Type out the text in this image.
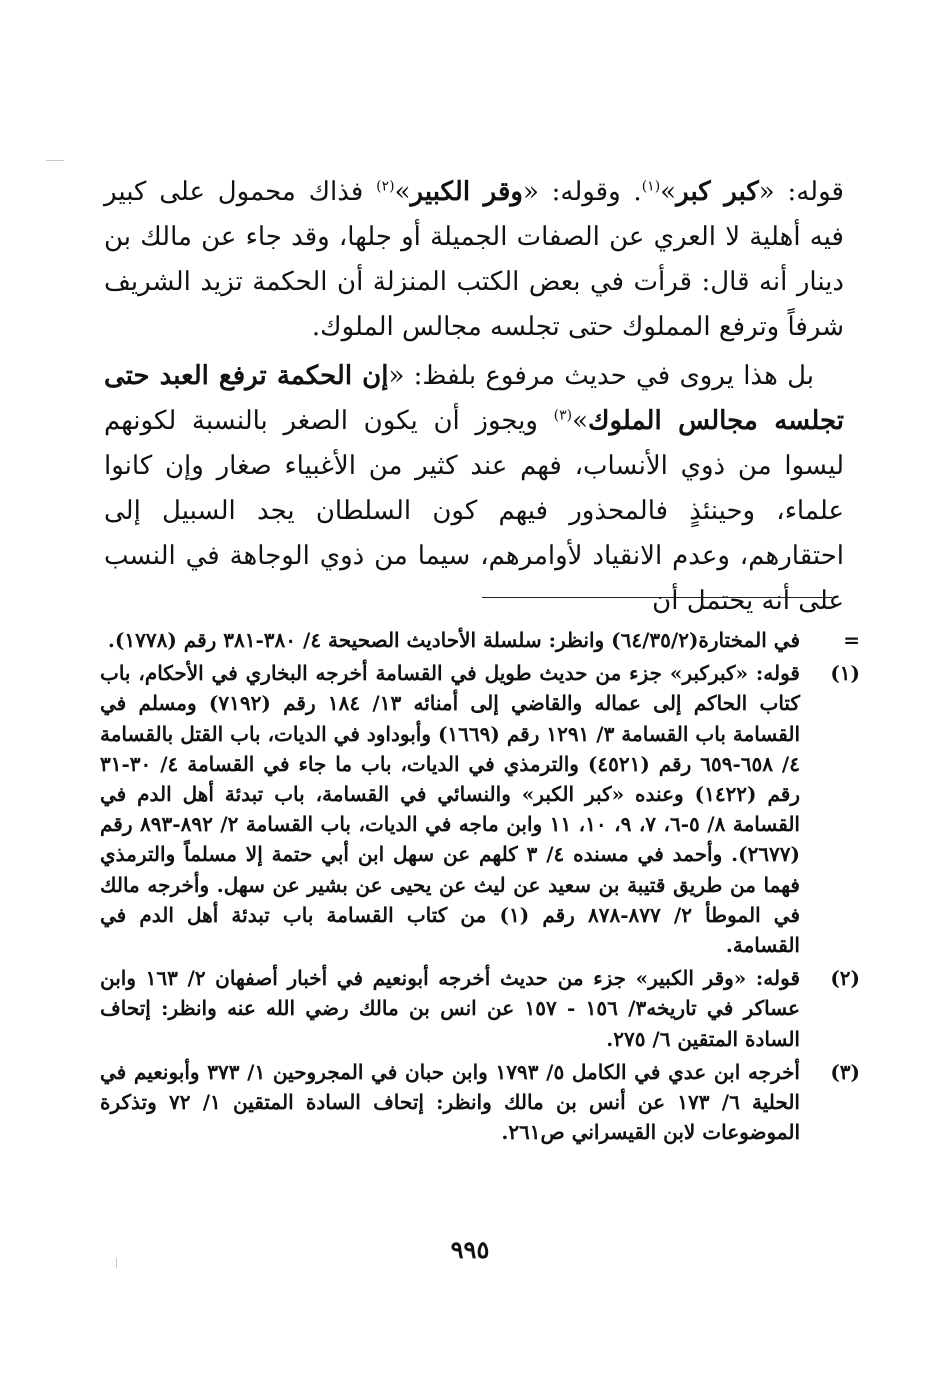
قوله: «كبر كبر»$^{(١)}$. وقوله: «وقر الكبير»$^{(٢)}$ فذاك محمول على كبير فيه أهلية لا العري عن الصفات الجميلة أو جلها، وقد جاء عن مالك بن دينار أنه قال: قرأت في بعض الكتب المنزلة أن الحكمة تزيد الشريف شرفاً وترفع المملوك حتى تجلسه مجالس الملوك.

بل هذا يروى في حديث مرفوع بلفظ: «إن الحكمة ترفع العبد حتى تجلسه مجالس الملوك»$^{(٣)}$ ويجوز أن يكون الصغر بالنسبة لكونهم ليسوا من ذوي الأنساب، فهم عند كثير من الأغبياء صغار وإن كانوا علماء، وحينئذٍ فالمحذور فيهم كون السلطان يجد السبيل إلى احتقارهم، وعدم الانقياد لأوامرهم، سيما من ذوي الوجاهة في النسب على أنه يحتمل أن

=
في المختارة(٦٤/٣٥/٢) وانظر: سلسلة الأحاديث الصحيحة ٤/ ٣٨٠-٣٨١ رقم (١٧٧٨).
(١)
قوله: «كبركبر» جزء من حديث طويل في القسامة أخرجه البخاري في الأحكام، باب كتاب الحاكم إلى عماله والقاضي إلى أمنائه ١٣/ ١٨٤ رقم (٧١٩٢) ومسلم في القسامة باب القسامة ٣/ ١٢٩١ رقم (١٦٦٩) وأبوداود في الديات، باب القتل بالقسامة ٤/ ٦٥٨-٦٥٩ رقم (٤٥٢١) والترمذي في الديات، باب ما جاء في القسامة ٤/ ٣٠-٣١ رقم (١٤٢٢) وعنده «كبر الكبر» والنسائي في القسامة، باب تبدئة أهل الدم في القسامة ٨/ ٥-٦، ٧، ٩، ١٠، ١١ وابن ماجه في الديات، باب القسامة ٢/ ٨٩٢-٨٩٣ رقم (٢٦٧٧). وأحمد في مسنده ٤/ ٣ كلهم عن سهل ابن أبي حتمة إلا مسلماً والترمذي فهما من طريق قتيبة بن سعيد عن ليث عن يحيى عن بشير عن سهل. وأخرجه مالك في الموطأ ٢/ ٨٧٧-٨٧٨ رقم (١) من كتاب القسامة باب تبدئة أهل الدم في القسامة.
(٢)
قوله: «وقر الكبير» جزء من حديث أخرجه أبونعيم في أخبار أصفهان ٢/ ١٦٣ وابن عساكر في تاريخه٣/ ١٥٦ - ١٥٧ عن انس بن مالك رضي الله عنه وانظر: إتحاف السادة المتقين ٦/ ٢٧٥.
(٣)
أخرجه ابن عدي في الكامل ٥/ ١٧٩٣ وابن حبان في المجروحين ١/ ٣٧٣ وأبونعيم في الحلية ٦/ ١٧٣ عن أنس بن مالك وانظر: إتحاف السادة المتقين ١/ ٧٢ وتذكرة الموضوعات لابن القيسراني ص٢٦١.
٩٩٥
